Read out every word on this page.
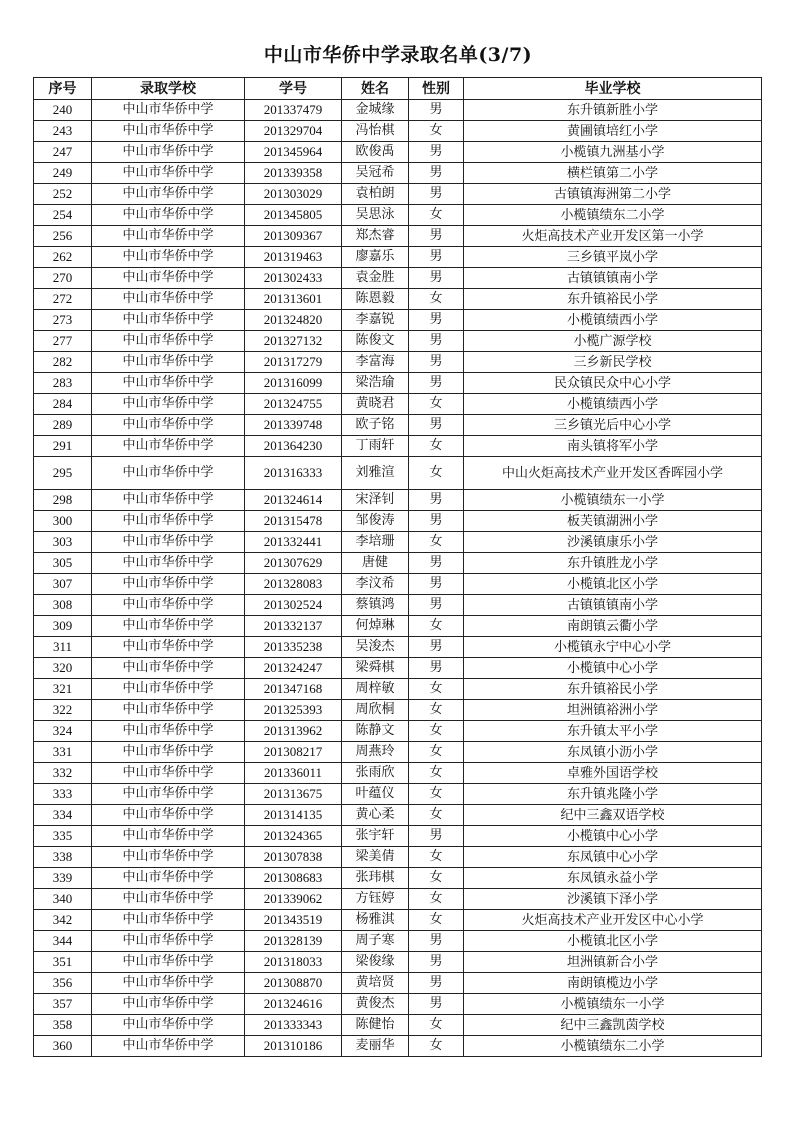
中山市华侨中学录取名单(3/7)
序号	录取学校	学号	姓名	性别	毕业学校
240	中山市华侨中学	201337479	金城缘	男	东升镇新胜小学
243	中山市华侨中学	201329704	冯怡棋	女	黄圃镇培红小学
247	中山市华侨中学	201345964	欧俊禹	男	小榄镇九洲基小学
249	中山市华侨中学	201339358	吴冠希	男	横栏镇第二小学
252	中山市华侨中学	201303029	袁柏朗	男	古镇镇海洲第二小学
254	中山市华侨中学	201345805	吴思泳	女	小榄镇绩东二小学
256	中山市华侨中学	201309367	郑杰睿	男	火炬高技术产业开发区第一小学
262	中山市华侨中学	201319463	廖嘉乐	男	三乡镇平岚小学
270	中山市华侨中学	201302433	袁金胜	男	古镇镇镇南小学
272	中山市华侨中学	201313601	陈恩毅	女	东升镇裕民小学
273	中山市华侨中学	201324820	李嘉锐	男	小榄镇绩西小学
277	中山市华侨中学	201327132	陈俊文	男	小榄广源学校
282	中山市华侨中学	201317279	李富海	男	三乡新民学校
283	中山市华侨中学	201316099	梁浩瑜	男	民众镇民众中心小学
284	中山市华侨中学	201324755	黄晓君	女	小榄镇绩西小学
289	中山市华侨中学	201339748	欧子铭	男	三乡镇光后中心小学
291	中山市华侨中学	201364230	丁雨轩	女	南头镇将军小学
295	中山市华侨中学	201316333	刘雅渲	女	中山火炬高技术产业开发区香晖园小学
298	中山市华侨中学	201324614	宋泽钊	男	小榄镇绩东一小学
300	中山市华侨中学	201315478	邹俊涛	男	板芙镇湖洲小学
303	中山市华侨中学	201332441	李培珊	女	沙溪镇康乐小学
305	中山市华侨中学	201307629	唐健	男	东升镇胜龙小学
307	中山市华侨中学	201328083	李汶希	男	小榄镇北区小学
308	中山市华侨中学	201302524	蔡镇鸿	男	古镇镇镇南小学
309	中山市华侨中学	201332137	何焯琳	女	南朗镇云衢小学
311	中山市华侨中学	201335238	吴浚杰	男	小榄镇永宁中心小学
320	中山市华侨中学	201324247	梁舜棋	男	小榄镇中心小学
321	中山市华侨中学	201347168	周梓敏	女	东升镇裕民小学
322	中山市华侨中学	201325393	周欣桐	女	坦洲镇裕洲小学
324	中山市华侨中学	201313962	陈静文	女	东升镇太平小学
331	中山市华侨中学	201308217	周燕玲	女	东凤镇小沥小学
332	中山市华侨中学	201336011	张雨欣	女	卓雅外国语学校
333	中山市华侨中学	201313675	叶蕴仪	女	东升镇兆隆小学
334	中山市华侨中学	201314135	黄心柔	女	纪中三鑫双语学校
335	中山市华侨中学	201324365	张宇轩	男	小榄镇中心小学
338	中山市华侨中学	201307838	梁美倩	女	东凤镇中心小学
339	中山市华侨中学	201308683	张玮棋	女	东凤镇永益小学
340	中山市华侨中学	201339062	方钰婷	女	沙溪镇下泽小学
342	中山市华侨中学	201343519	杨雅淇	女	火炬高技术产业开发区中心小学
344	中山市华侨中学	201328139	周子寒	男	小榄镇北区小学
351	中山市华侨中学	201318033	梁俊缘	男	坦洲镇新合小学
356	中山市华侨中学	201308870	黄培贤	男	南朗镇榄边小学
357	中山市华侨中学	201324616	黄俊杰	男	小榄镇绩东一小学
358	中山市华侨中学	201333343	陈健怡	女	纪中三鑫凯茵学校
360	中山市华侨中学	201310186	麦丽华	女	小榄镇绩东二小学
